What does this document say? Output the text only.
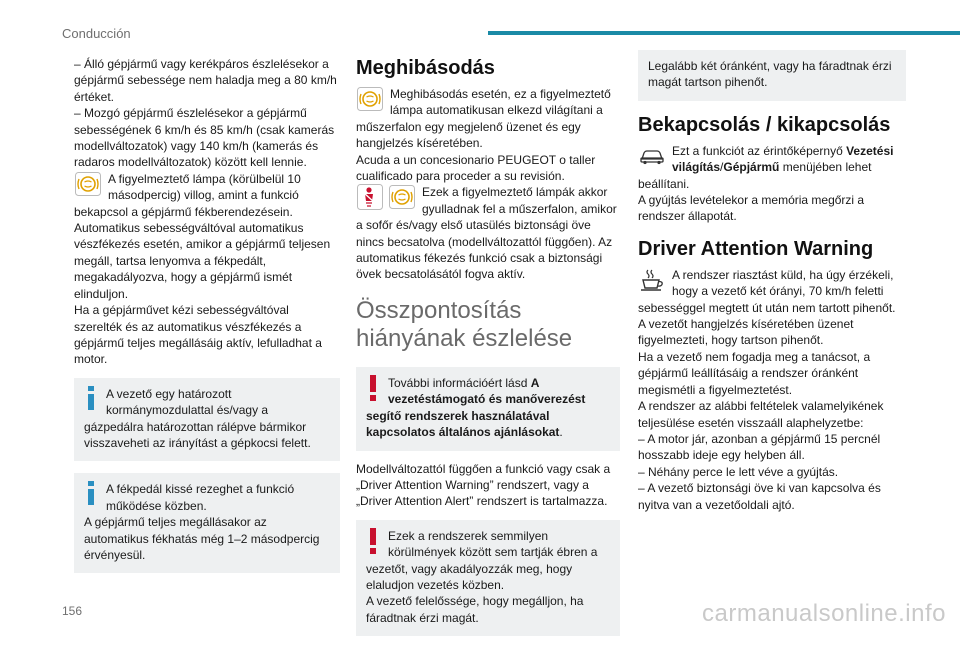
Conducción

– Álló gépjármű vagy kerékpáros észlelésekor a gépjármű sebessége nem haladja meg a 80 km/h értéket.

– Mozgó gépjármű észlelésekor a gépjármű sebességének 6 km/h és 85 km/h (csak kamerás modellváltozatok) vagy 140 km/h (kamerás és radaros modellváltozatok) között kell lennie.

A figyelmeztető lámpa (körülbelül 10 másodpercig) villog, amint a funkció bekapcsol a gépjármű fékberendezésein.

Automatikus sebességváltóval automatikus vészfékezés esetén, amikor a gépjármű teljesen megáll, tartsa lenyomva a fékpedált, megakadályozva, hogy a gépjármű ismét elinduljon.

Ha a gépjárművet kézi sebességváltóval szerelték és az automatikus vészfékezés a gépjármű teljes megállásáig aktív, lefulladhat a motor.

A vezető egy határozott kormánymozdulattal és/vagy a gázpedálra határozottan rálépve bármikor visszaveheti az irányítást a gépkocsi felett.

A fékpedál kissé rezeghet a funkció működése közben.

A gépjármű teljes megállásakor az automatikus fékhatás még 1–2 másodpercig érvényesül.

Meghibásodás

Meghibásodás esetén, ez a figyelmeztető lámpa automatikusan elkezd világítani a műszerfalon egy megjelenő üzenet és egy hangjelzés kíséretében.

Acuda a un concesionario PEUGEOT o taller cualificado para proceder a su revisión.

Ezek a figyelmeztető lámpák akkor gyulladnak fel a műszerfalon, amikor a sofőr és/vagy első utasülés biztonsági öve nincs becsatolva (modellváltozattól függően). Az automatikus fékezés funkció csak a biztonsági övek becsatolásától fogva aktív.

Összpontosítás hiányának észlelése

További információért lásd A vezetéstámogató és manőverezést segítő rendszerek használatával kapcsolatos általános ajánlásokat.

Modellváltozattól függően a funkció vagy csak a „Driver Attention Warning” rendszert, vagy a „Driver Attention Alert” rendszert is tartalmazza.

Ezek a rendszerek semmilyen körülmények között sem tartják ébren a vezetőt, vagy akadályozzák meg, hogy elaludjon vezetés közben.

A vezető felelőssége, hogy megálljon, ha fáradtnak érzi magát.

Legalább két óránként, vagy ha fáradtnak érzi magát tartson pihenőt.

Bekapcsolás / kikapcsolás

Ezt a funkciót az érintőképernyő Vezetési világítás/Gépjármű menüjében lehet beállítani.

A gyújtás levételekor a memória megőrzi a rendszer állapotát.

Driver Attention Warning

A rendszer riasztást küld, ha úgy érzékeli, hogy a vezető két órányi, 70 km/h feletti sebességgel megtett út után nem tartott pihenőt.

A vezetőt hangjelzés kíséretében üzenet figyelmezteti, hogy tartson pihenőt.

Ha a vezető nem fogadja meg a tanácsot, a gépjármű leállításáig a rendszer óránként megismétli a figyelmeztetést.

A rendszer az alábbi feltételek valamelyikének teljesülése esetén visszaáll alaphelyzetbe:

– A motor jár, azonban a gépjármű 15 percnél hosszabb ideje egy helyben áll.

– Néhány perce le lett véve a gyújtás.

– A vezető biztonsági öve ki van kapcsolva és nyitva van a vezetőoldali ajtó.

156	carmanualsonline.info
